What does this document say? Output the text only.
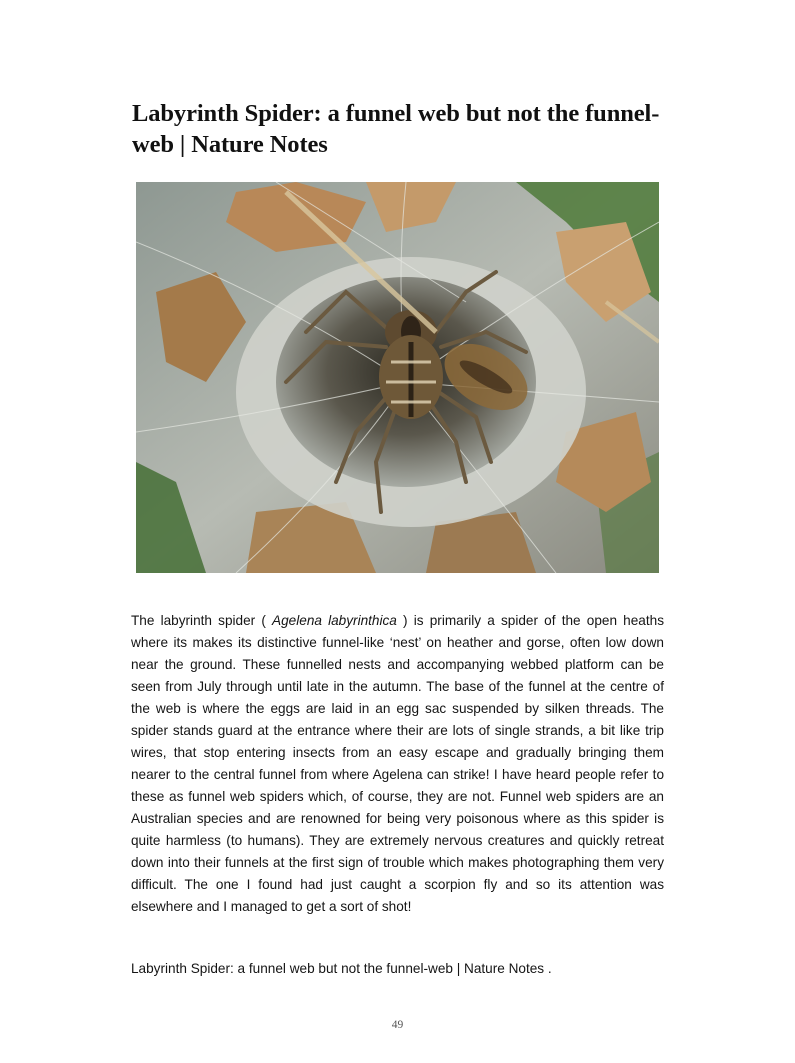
Labyrinth Spider: a funnel web but not the funnel-web | Nature Notes

The labyrinth spider ( Agelena labyrinthica ) is primarily a spider of the open heaths where its makes its distinctive funnel-like ‘nest’ on heather and gorse, often low down near the ground. These funnelled nests and accompanying webbed platform can be seen from July through until late in the autumn. The base of the funnel at the centre of the web is where the eggs are laid in an egg sac suspended by silken threads. The spider stands guard at the entrance where their are lots of single strands, a bit like trip wires, that stop entering insects from an easy escape and gradually bringing them nearer to the central funnel from where Agelena can strike! I have heard people refer to these as funnel web spiders which, of course, they are not. Funnel web spiders are an Australian species and are renowned for being very poisonous where as this spider is quite harmless (to humans). They are extremely nervous creatures and quickly retreat down into their funnels at the first sign of trouble which makes photographing them very difficult. The one I found had just caught a scorpion fly and so its attention was elsewhere and I managed to get a sort of shot!

Labyrinth Spider: a funnel web but not the funnel-web | Nature Notes .

49
